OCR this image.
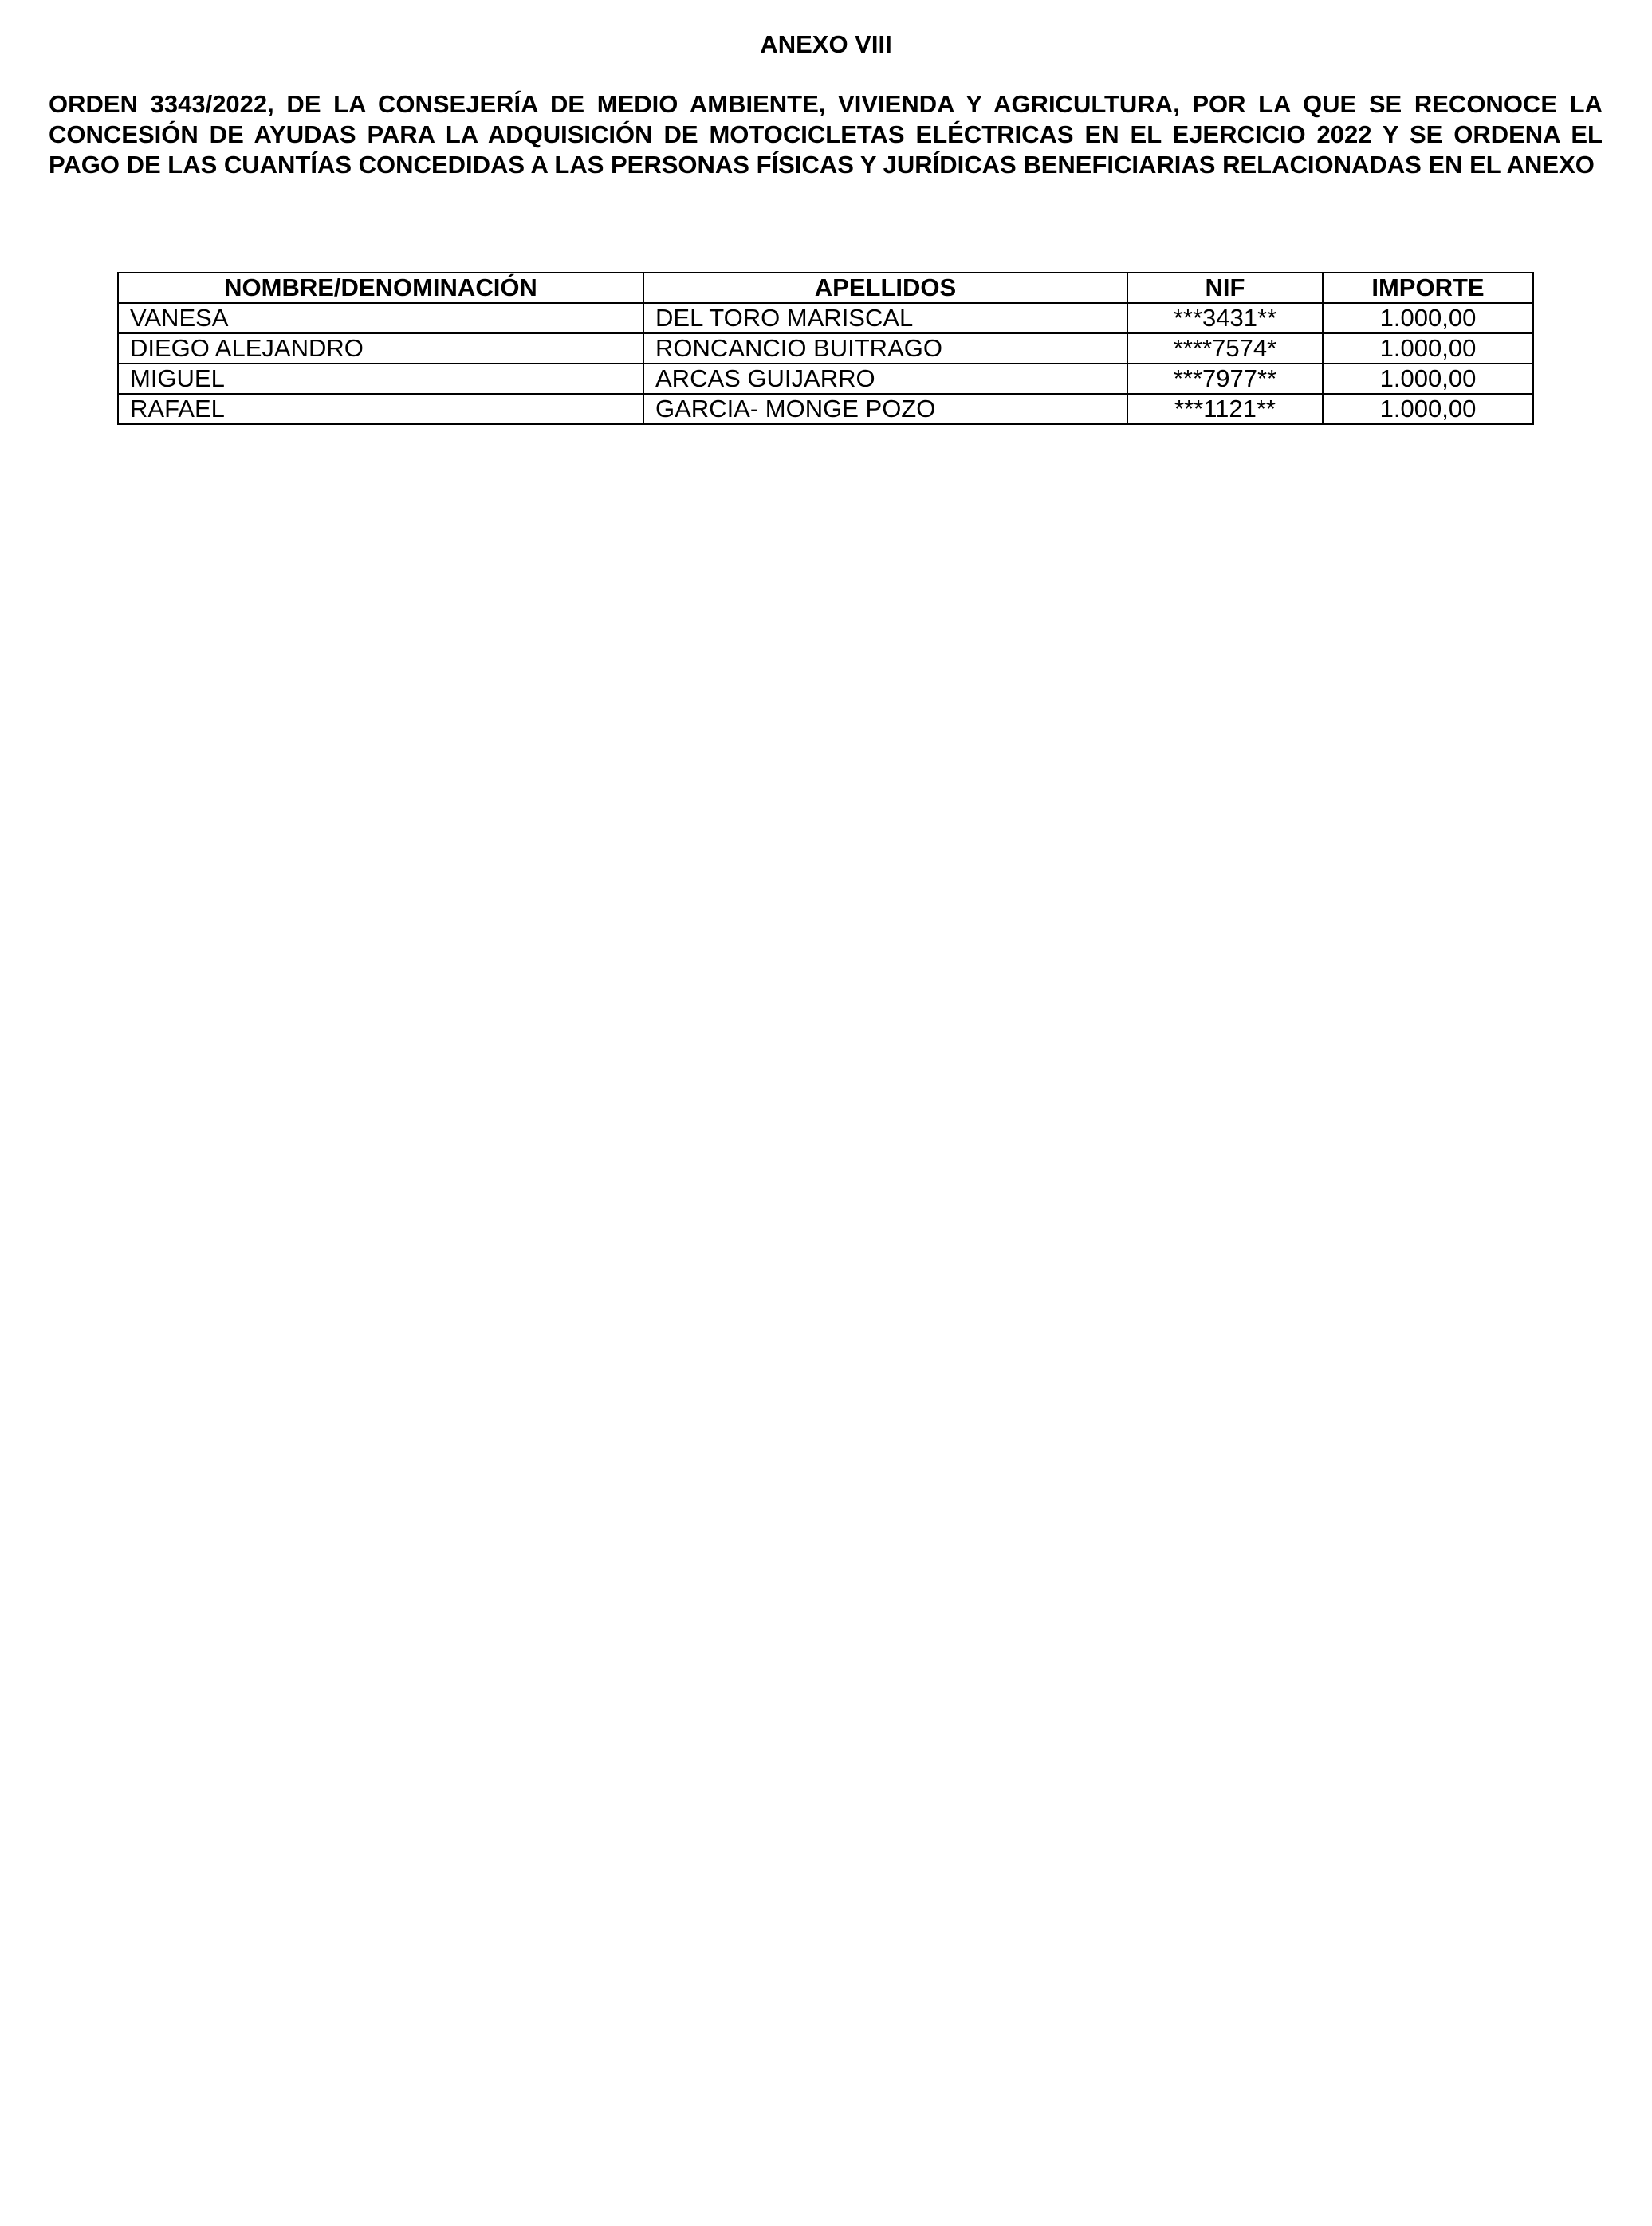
ANEXO VIII

ORDEN 3343/2022, DE LA CONSEJERÍA DE MEDIO AMBIENTE, VIVIENDA Y AGRICULTURA, POR LA QUE SE RECONOCE LA CONCESIÓN DE AYUDAS PARA LA ADQUISICIÓN DE MOTOCICLETAS ELÉCTRICAS EN EL EJERCICIO 2022 Y SE ORDENA EL PAGO DE LAS CUANTÍAS CONCEDIDAS A LAS PERSONAS FÍSICAS Y JURÍDICAS BENEFICIARIAS RELACIONADAS EN EL ANEXO

NOMBRE/DENOMINACIÓN	APELLIDOS	NIF	IMPORTE
VANESA	DEL TORO MARISCAL	***3431**	1.000,00
DIEGO ALEJANDRO	RONCANCIO BUITRAGO	****7574*	1.000,00
MIGUEL	ARCAS GUIJARRO	***7977**	1.000,00
RAFAEL	GARCIA- MONGE POZO	***1121**	1.000,00
